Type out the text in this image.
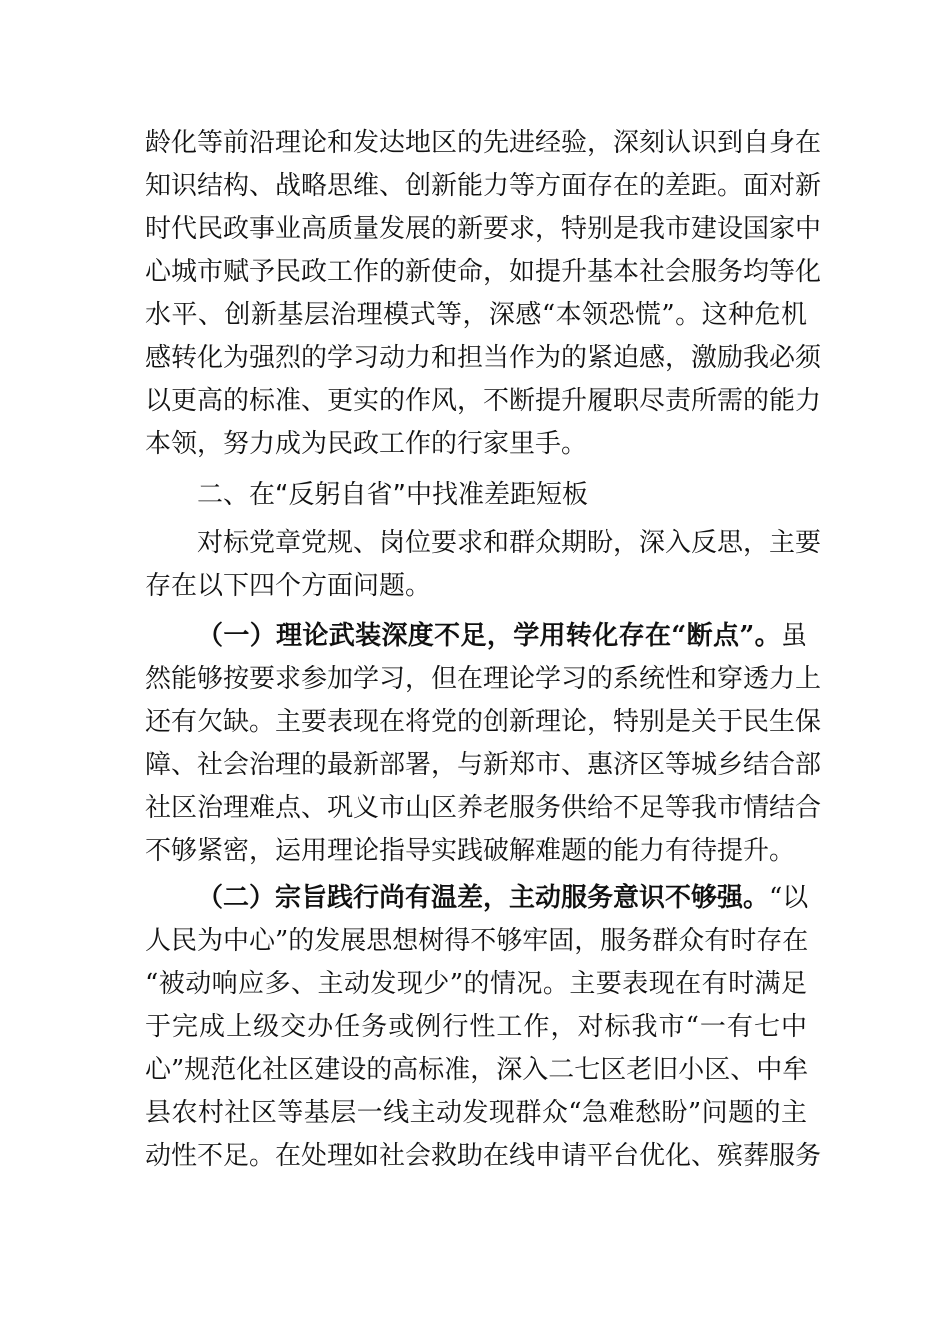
龄化等前沿理论和发达地区的先进经验，深刻认识到自身在
知识结构、战略思维、创新能力等方面存在的差距。面对新
时代民政事业高质量发展的新要求，特别是我市建设国家中
心城市赋予民政工作的新使命，如提升基本社会服务均等化
水平、创新基层治理模式等，深感“本领恐慌”。这种危机
感转化为强烈的学习动力和担当作为的紧迫感，激励我必须
以更高的标准、更实的作风，不断提升履职尽责所需的能力
本领，努力成为民政工作的行家里手。
二、在“反躬自省”中找准差距短板
对标党章党规、岗位要求和群众期盼，深入反思，主要
存在以下四个方面问题。
（一）理论武装深度不足，学用转化存在“断点”。虽
然能够按要求参加学习，但在理论学习的系统性和穿透力上
还有欠缺。主要表现在将党的创新理论，特别是关于民生保
障、社会治理的最新部署，与新郑市、惠济区等城乡结合部
社区治理难点、巩义市山区养老服务供给不足等我市情结合
不够紧密，运用理论指导实践破解难题的能力有待提升。
（二）宗旨践行尚有温差，主动服务意识不够强。“以
人民为中心”的发展思想树得不够牢固，服务群众有时存在
“被动响应多、主动发现少”的情况。主要表现在有时满足
于完成上级交办任务或例行性工作，对标我市“一有七中
心”规范化社区建设的高标准，深入二七区老旧小区、中牟
县农村社区等基层一线主动发现群众“急难愁盼”问题的主
动性不足。在处理如社会救助在线申请平台优化、殡葬服务
